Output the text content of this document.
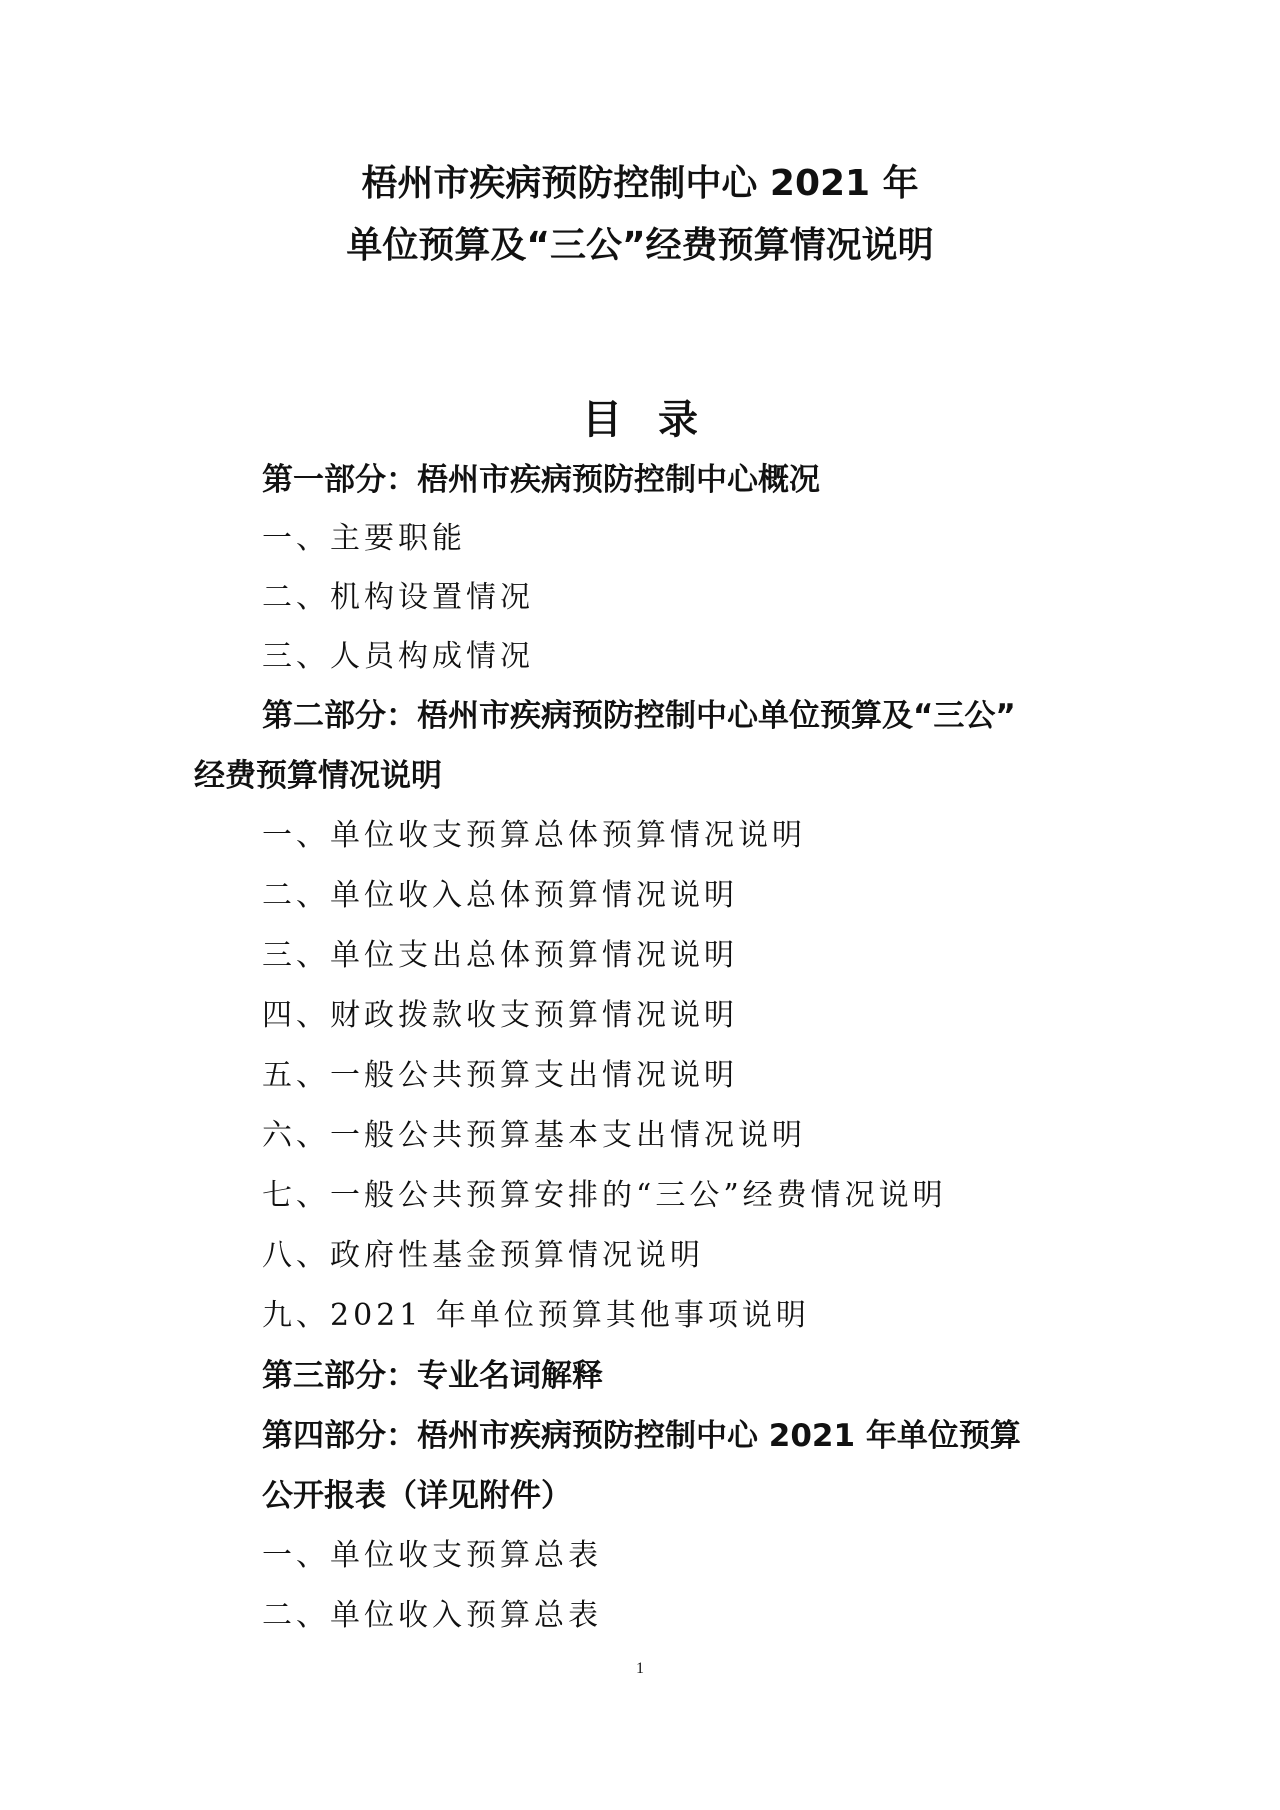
梧州市疾病预防控制中心 2021 年
单位预算及“三公”经费预算情况说明
目录
第一部分：梧州市疾病预防控制中心概况
一、主要职能
二、机构设置情况
三、人员构成情况
第二部分：梧州市疾病预防控制中心单位预算及“三公”
经费预算情况说明
一、单位收支预算总体预算情况说明
二、单位收入总体预算情况说明
三、单位支出总体预算情况说明
四、财政拨款收支预算情况说明
五、一般公共预算支出情况说明
六、一般公共预算基本支出情况说明
七、一般公共预算安排的“三公”经费情况说明
八、政府性基金预算情况说明
九、2021 年单位预算其他事项说明
第三部分：专业名词解释
第四部分：梧州市疾病预防控制中心 2021 年单位预算
公开报表（详见附件）
一、单位收支预算总表
二、单位收入预算总表
1
